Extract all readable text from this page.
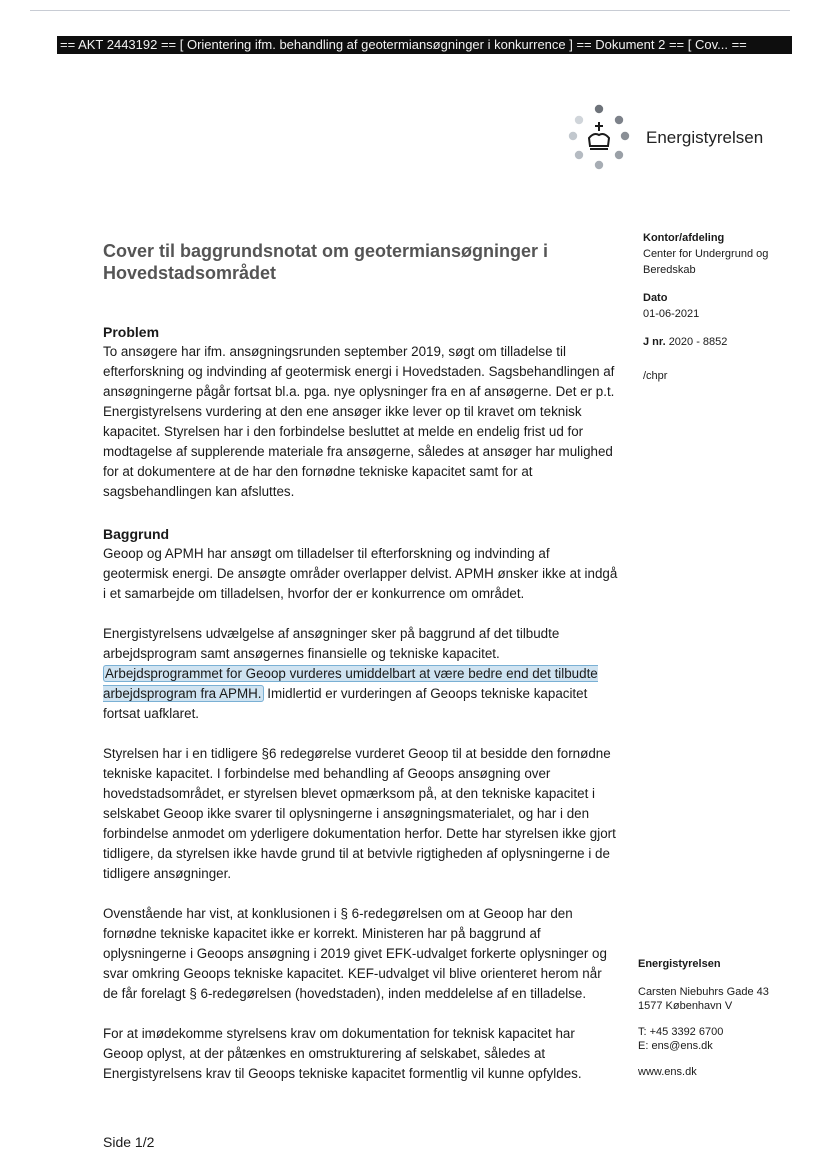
== AKT 2443192 == [ Orientering ifm. behandling af geotermiansøgninger i konkurrence ] == Dokument 2 == [ Cov... ==
Energistyrelsen
Cover til baggrundsnotat om geotermiansøgninger i Hovedstadsområdet

Problem

To ansøgere har ifm. ansøgningsrunden september 2019, søgt om tilladelse til efterforskning og indvinding af geotermisk energi i Hovedstaden. Sagsbehandlingen af ansøgningerne pågår fortsat bl.a. pga. nye oplysninger fra en af ansøgerne. Det er p.t. Energistyrelsens vurdering at den ene ansøger ikke lever op til kravet om teknisk kapacitet. Styrelsen har i den forbindelse besluttet at melde en endelig frist ud for modtagelse af supplerende materiale fra ansøgerne, således at ansøger har mulighed for at dokumentere at de har den fornødne tekniske kapacitet samt for at sagsbehandlingen kan afsluttes.

Baggrund

Geoop og APMH har ansøgt om tilladelser til efterforskning og indvinding af geotermisk energi. De ansøgte områder overlapper delvist. APMH ønsker ikke at indgå i et samarbejde om tilladelsen, hvorfor der er konkurrence om området.

Energistyrelsens udvælgelse af ansøgninger sker på baggrund af det tilbudte arbejdsprogram samt ansøgernes finansielle og tekniske kapacitet. Arbejdsprogrammet for Geoop vurderes umiddelbart at være bedre end det tilbudte arbejdsprogram fra APMH. Imidlertid er vurderingen af Geoops tekniske kapacitet fortsat uafklaret.

Styrelsen har i en tidligere §6 redegørelse vurderet Geoop til at besidde den fornødne tekniske kapacitet. I forbindelse med behandling af Geoops ansøgning over hovedstadsområdet, er styrelsen blevet opmærksom på, at den tekniske kapacitet i selskabet Geoop ikke svarer til oplysningerne i ansøgningsmaterialet, og har i den forbindelse anmodet om yderligere dokumentation herfor. Dette har styrelsen ikke gjort tidligere, da styrelsen ikke havde grund til at betvivle rigtigheden af oplysningerne i de tidligere ansøgninger.

Ovenstående har vist, at konklusionen i § 6-redegørelsen om at Geoop har den fornødne tekniske kapacitet ikke er korrekt. Ministeren har på baggrund af oplysningerne i Geoops ansøgning i 2019 givet EFK-udvalget forkerte oplysninger og svar omkring Geoops tekniske kapacitet. KEF-udvalget vil blive orienteret herom når de får forelagt § 6-redegørelsen (hovedstaden), inden meddelelse af en tilladelse.

For at imødekomme styrelsens krav om dokumentation for teknisk kapacitet har Geoop oplyst, at der påtænkes en omstrukturering af selskabet, således at Energistyrelsens krav til Geoops tekniske kapacitet formentlig vil kunne opfyldes.

Kontor/afdeling

Center for Undergrund og Beredskab

Dato

01-06-2021

J nr. 2020 - 8852

/chpr

Energistyrelsen

Carsten Niebuhrs Gade 43

1577 København V

T: +45 3392 6700

E: ens@ens.dk

www.ens.dk

Side 1/2
